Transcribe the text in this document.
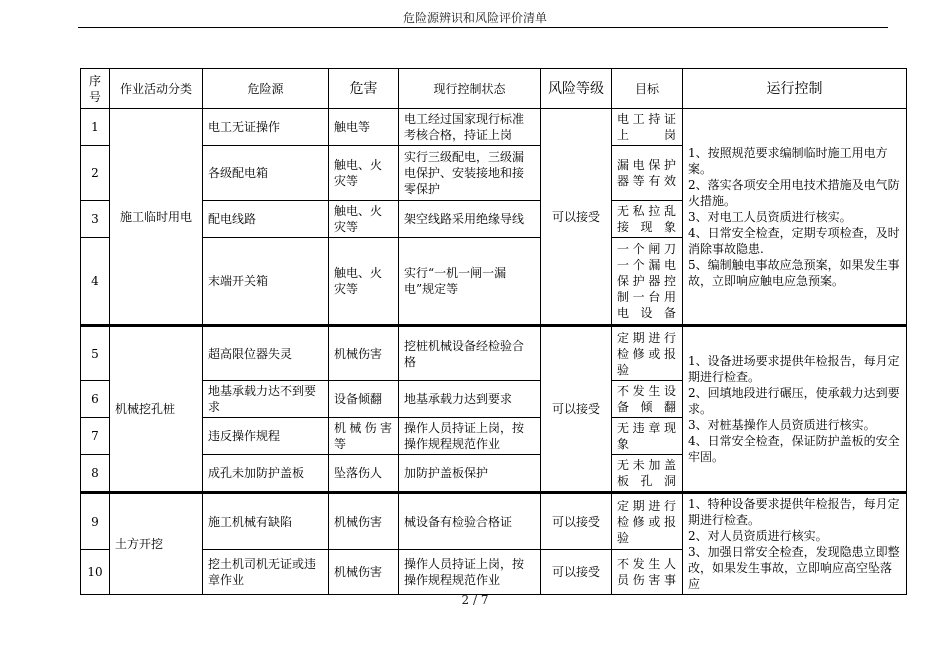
危险源辨识和风险评价清单
序号	作业活动分类	危险源	危害	现行控制状态	风险等级	目标	运行控制
1	施工临时用电	电工无证操作	触电等	电工经过国家现行标准考核合格，持证上岗	可以接受	电工持证上岗	1、按照规范要求编制临时施工用电方案。
2、落实各项安全用电技术措施及电气防火措施。
3、对电工人员资质进行核实。
4、日常安全检查，定期专项检查，及时消除事故隐患.
5、编制触电事故应急预案，如果发生事故，立即响应触电应急预案。
2		各级配电箱	触电、火灾等	实行三级配电，三级漏电保护、安装接地和接零保护		漏电保护器等有效	
3		配电线路	触电、火灾等	架空线路采用绝缘导线		无私拉乱接现象	
4		末端开关箱	触电、火灾等	实行“一机一闸一漏电”规定等		一个闸刀一个漏电保护器控制一台用电设备	
5	机械挖孔桩	超高限位器失灵	机械伤害	挖桩机械设备经检验合格	可以接受	定期进行检修或报验	1、设备进场要求提供年检报告，每月定期进行检查。
2、回填地段进行碾压，使承载力达到要求。
3、对桩基操作人员资质进行核实。
4、日常安全检查，保证防护盖板的安全牢固。
6		地基承载力达不到要求	设备倾翻	地基承载力达到要求		不发生设备倾翻	
7		违反操作规程	机械伤害等	操作人员持证上岗，按操作规程规范作业		无违章现象	
8		成孔未加防护盖板	坠落伤人	加防护盖板保护		无未加盖板孔洞	
9	土方开挖	施工机械有缺陷	机械伤害	械设备有检验合格证	可以接受	定期进行检修或报验	1、特种设备要求提供年检报告，每月定期进行检查。
2、对人员资质进行核实。
3、加强日常安全检查，发现隐患立即整改，如果发生事故，立即响应高空坠落应
10		挖土机司机无证或违章作业	机械伤害	操作人员持证上岗，按操作规程规范作业	可以接受	不发生人员伤害事	
2 / 7
